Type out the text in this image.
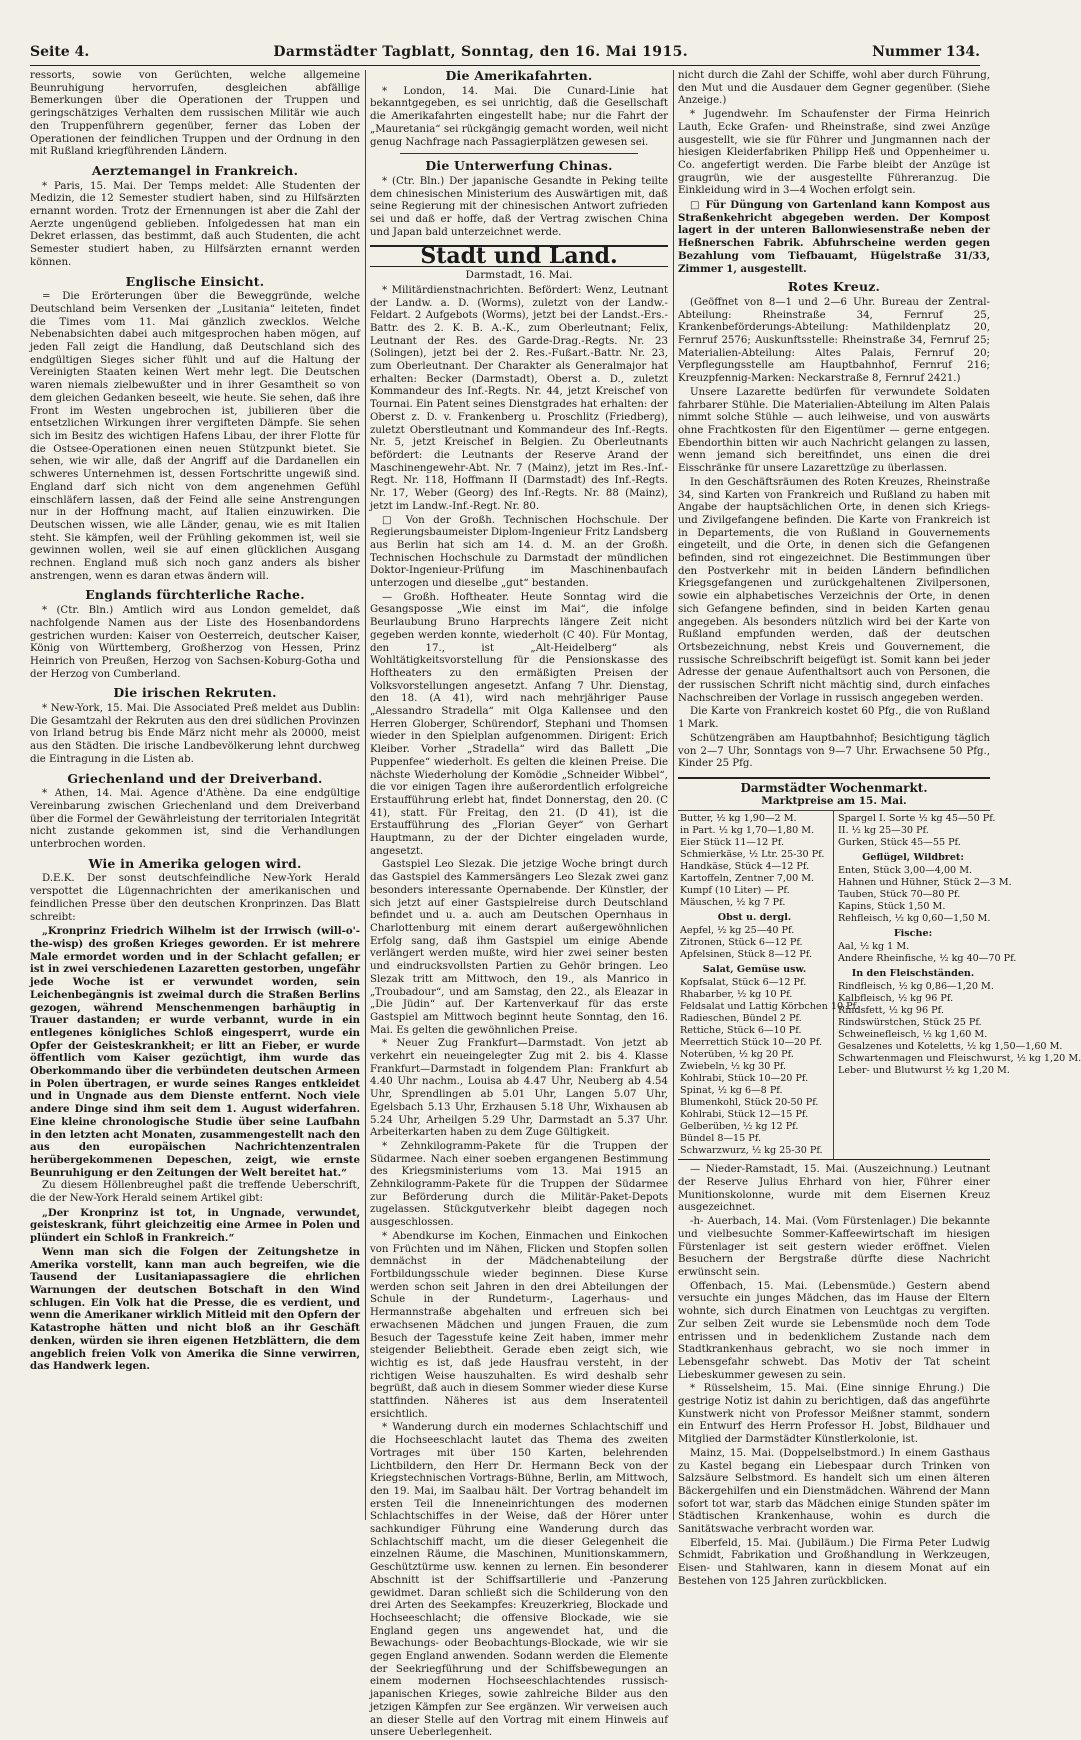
Seite 4.	Darmstädter Tagblatt, Sonntag, den 16. Mai 1915.	Nummer 134.

ressorts, sowie von Gerüchten, welche allgemeine Beunruhigung hervorrufen, desgleichen abfällige Bemerkungen über die Operationen der Truppen und geringschätziges Verhalten dem russischen Militär wie auch den Truppenführern gegenüber, ferner das Loben der Operationen der feindlichen Truppen und der Ordnung in den mit Rußland kriegführenden Ländern.

Aerztemangel in Frankreich.

* Paris, 15. Mai. Der Temps meldet: Alle Studenten der Medizin, die 12 Semester studiert haben, sind zu Hilfsärzten ernannt worden. Trotz der Ernennungen ist aber die Zahl der Aerzte ungenügend geblieben. Infolgedessen hat man ein Dekret erlassen, das bestimmt, daß auch Studenten, die acht Semester studiert haben, zu Hilfsärzten ernannt werden können.

Englische Einsicht.

= Die Erörterungen über die Beweggründe, welche Deutschland beim Versenken der „Lusitania“ leiteten, findet die Times vom 11. Mai gänzlich zwecklos. Welche Nebenabsichten dabei auch mitgesprochen haben mögen, auf jeden Fall zeigt die Handlung, daß Deutschland sich des endgültigen Sieges sicher fühlt und auf die Haltung der Vereinigten Staaten keinen Wert mehr legt. Die Deutschen waren niemals zielbewußter und in ihrer Gesamtheit so von dem gleichen Gedanken beseelt, wie heute. Sie sehen, daß ihre Front im Westen ungebrochen ist, jubilieren über die entsetzlichen Wirkungen ihrer vergifteten Dämpfe. Sie sehen sich im Besitz des wichtigen Hafens Libau, der ihrer Flotte für die Ostsee-Operationen einen neuen Stützpunkt bietet. Sie sehen, wie wir alle, daß der Angriff auf die Dardanellen ein schweres Unternehmen ist, dessen Fortschritte ungewiß sind. England darf sich nicht von dem angenehmen Gefühl einschläfern lassen, daß der Feind alle seine Anstrengungen nur in der Hoffnung macht, auf Italien einzuwirken. Die Deutschen wissen, wie alle Länder, genau, wie es mit Italien steht. Sie kämpfen, weil der Frühling gekommen ist, weil sie gewinnen wollen, weil sie auf einen glücklichen Ausgang rechnen. England muß sich noch ganz anders als bisher anstrengen, wenn es daran etwas ändern will.

Englands fürchterliche Rache.

* (Ctr. Bln.) Amtlich wird aus London gemeldet, daß nachfolgende Namen aus der Liste des Hosenbandordens gestrichen wurden: Kaiser von Oesterreich, deutscher Kaiser, König von Württemberg, Großherzog von Hessen, Prinz Heinrich von Preußen, Herzog von Sachsen-Koburg-Gotha und der Herzog von Cumberland.

Die irischen Rekruten.

* New-York, 15. Mai. Die Associated Preß meldet aus Dublin: Die Gesamtzahl der Rekruten aus den drei südlichen Provinzen von Irland betrug bis Ende März nicht mehr als 20000, meist aus den Städten. Die irische Landbevölkerung lehnt durchweg die Eintragung in die Listen ab.

Griechenland und der Dreiverband.

* Athen, 14. Mai. Agence d'Athène. Da eine endgültige Vereinbarung zwischen Griechenland und dem Dreiverband über die Formel der Gewährleistung der territorialen Integrität nicht zustande gekommen ist, sind die Verhandlungen unterbrochen worden.

Wie in Amerika gelogen wird.

D.E.K. Der sonst deutschfeindliche New-York Herald verspottet die Lügennachrichten der amerikanischen und feindlichen Presse über den deutschen Kronprinzen. Das Blatt schreibt:

„Kronprinz Friedrich Wilhelm ist der Irrwisch (will-o'-the-wisp) des großen Krieges geworden. Er ist mehrere Male ermordet worden und in der Schlacht gefallen; er ist in zwei verschiedenen Lazaretten gestorben, ungefähr jede Woche ist er verwundet worden, sein Leichenbegängnis ist zweimal durch die Straßen Berlins gezogen, während Menschenmengen barhäuptig in Trauer dastanden; er wurde verbannt, wurde in ein entlegenes königliches Schloß eingesperrt, wurde ein Opfer der Geisteskrankheit; er litt an Fieber, er wurde öffentlich vom Kaiser gezüchtigt, ihm wurde das Oberkommando über die verbündeten deutschen Armeen in Polen übertragen, er wurde seines Ranges entkleidet und in Ungnade aus dem Dienste entfernt. Noch viele andere Dinge sind ihm seit dem 1. August widerfahren. Eine kleine chronologische Studie über seine Laufbahn in den letzten acht Monaten, zusammengestellt nach den aus den europäischen Nachrichtenzentralen herübergekommenen Depeschen, zeigt, wie ernste Beunruhigung er den Zeitungen der Welt bereitet hat.“

Zu diesem Höllenbreughel paßt die treffende Ueberschrift, die der New-York Herald seinem Artikel gibt:

„Der Kronprinz ist tot, in Ungnade, verwundet, geisteskrank, führt gleichzeitig eine Armee in Polen und plündert ein Schloß in Frankreich.“

Wenn man sich die Folgen der Zeitungshetze in Amerika vorstellt, kann man auch begreifen, wie die Tausend der Lusitaniapassagiere die ehrlichen Warnungen der deutschen Botschaft in den Wind schlugen. Ein Volk hat die Presse, die es verdient, und wenn die Amerikaner wirklich Mitleid mit den Opfern der Katastrophe hätten und nicht bloß an ihr Geschäft denken, würden sie ihren eigenen Hetzblättern, die dem angeblich freien Volk von Amerika die Sinne verwirren, das Handwerk legen.

Die Amerikafahrten.

* London, 14. Mai. Die Cunard-Linie hat bekanntgegeben, es sei unrichtig, daß die Gesellschaft die Amerikafahrten eingestellt habe; nur die Fahrt der „Mauretania“ sei rückgängig gemacht worden, weil nicht genug Nachfrage nach Passagierplätzen gewesen sei.

Die Unterwerfung Chinas.

* (Ctr. Bln.) Der japanische Gesandte in Peking teilte dem chinesischen Ministerium des Auswärtigen mit, daß seine Regierung mit der chinesischen Antwort zufrieden sei und daß er hoffe, daß der Vertrag zwischen China und Japan bald unterzeichnet werde.

Stadt und Land.
Darmstadt, 16. Mai.

* Militärdienstnachrichten. Befördert: Wenz, Leutnant der Landw. a. D. (Worms), zuletzt von der Landw.-Feldart. 2 Aufgebots (Worms), jetzt bei der Landst.-Ers.-Battr. des 2. K. B. A.-K., zum Oberleutnant; Felix, Leutnant der Res. des Garde-Drag.-Regts. Nr. 23 (Solingen), jetzt bei der 2. Res.-Fußart.-Battr. Nr. 23, zum Oberleutnant. Der Charakter als Generalmajor hat erhalten: Becker (Darmstadt), Oberst a. D., zuletzt Kommandeur des Inf.-Regts. Nr. 44, jetzt Kreischef von Tournai. Ein Patent seines Dienstgrades hat erhalten: der Oberst z. D. v. Frankenberg u. Proschlitz (Friedberg), zuletzt Oberstleutnant und Kommandeur des Inf.-Regts. Nr. 5, jetzt Kreischef in Belgien. Zu Oberleutnants befördert: die Leutnants der Reserve Arand der Maschinengewehr-Abt. Nr. 7 (Mainz), jetzt im Res.-Inf.-Regt. Nr. 118, Hoffmann II (Darmstadt) des Inf.-Regts. Nr. 17, Weber (Georg) des Inf.-Regts. Nr. 88 (Mainz), jetzt im Landw.-Inf.-Regt. Nr. 80.

□ Von der Großh. Technischen Hochschule. Der Regierungsbaumeister Diplom-Ingenieur Fritz Landsberg aus Berlin hat sich am 14. d. M. an der Großh. Technischen Hochschule zu Darmstadt der mündlichen Doktor-Ingenieur-Prüfung im Maschinenbaufach unterzogen und dieselbe „gut“ bestanden.

— Großh. Hoftheater. Heute Sonntag wird die Gesangsposse „Wie einst im Mai“, die infolge Beurlaubung Bruno Harprechts längere Zeit nicht gegeben werden konnte, wiederholt (C 40). Für Montag, den 17., ist „Alt-Heidelberg“ als Wohltätigkeitsvorstellung für die Pensionskasse des Hoftheaters zu den ermäßigten Preisen der Volksvorstellungen angesetzt. Anfang 7 Uhr. Dienstag, den 18. (A 41), wird nach mehrjähriger Pause „Alessandro Stradella“ mit Olga Kallensee und den Herren Globerger, Schürendorf, Stephani und Thomsen wieder in den Spielplan aufgenommen. Dirigent: Erich Kleiber. Vorher „Stradella“ wird das Ballett „Die Puppenfee“ wiederholt. Es gelten die kleinen Preise. Die nächste Wiederholung der Komödie „Schneider Wibbel“, die vor einigen Tagen ihre außerordentlich erfolgreiche Erstaufführung erlebt hat, findet Donnerstag, den 20. (C 41), statt. Für Freitag, den 21. (D 41), ist die Erstaufführung des „Florian Geyer“ von Gerhart Hauptmann, zu der der Dichter eingeladen wurde, angesetzt.

Gastspiel Leo Slezak. Die jetzige Woche bringt durch das Gastspiel des Kammersängers Leo Slezak zwei ganz besonders interessante Opernabende. Der Künstler, der sich jetzt auf einer Gastspielreise durch Deutschland befindet und u. a. auch am Deutschen Opernhaus in Charlottenburg mit einem derart außergewöhnlichen Erfolg sang, daß ihm Gastspiel um einige Abende verlängert werden mußte, wird hier zwei seiner besten und eindrucksvollsten Partien zu Gehör bringen. Leo Slezak tritt am Mittwoch, den 19., als Manrico in „Troubadour“, und am Samstag, den 22., als Eleazar in „Die Jüdin“ auf. Der Kartenverkauf für das erste Gastspiel am Mittwoch beginnt heute Sonntag, den 16. Mai. Es gelten die gewöhnlichen Preise.

* Neuer Zug Frankfurt—Darmstadt. Von jetzt ab verkehrt ein neueingelegter Zug mit 2. bis 4. Klasse Frankfurt—Darmstadt in folgendem Plan: Frankfurt ab 4.40 Uhr nachm., Louisa ab 4.47 Uhr, Neuberg ab 4.54 Uhr, Sprendlingen ab 5.01 Uhr, Langen 5.07 Uhr, Egelsbach 5.13 Uhr, Erzhausen 5.18 Uhr, Wixhausen ab 5.24 Uhr, Arheilgen 5.29 Uhr, Darmstadt an 5.37 Uhr. Arbeiterkarten haben zu dem Zuge Gültigkeit.

* Zehnkilogramm-Pakete für die Truppen der Südarmee. Nach einer soeben ergangenen Bestimmung des Kriegsministeriums vom 13. Mai 1915 an Zehnkilogramm-Pakete für die Truppen der Südarmee zur Beförderung durch die Militär-Paket-Depots zugelassen. Stückgutverkehr bleibt dagegen noch ausgeschlossen.

* Abendkurse im Kochen, Einmachen und Einkochen von Früchten und im Nähen, Flicken und Stopfen sollen demnächst in der Mädchenabteilung der Fortbildungsschule wieder beginnen. Diese Kurse werden schon seit Jahren in den drei Abteilungen der Schule in der Rundeturm-, Lagerhaus- und Hermannstraße abgehalten und erfreuen sich bei erwachsenen Mädchen und jungen Frauen, die zum Besuch der Tagesstufe keine Zeit haben, immer mehr steigender Beliebtheit. Gerade eben zeigt sich, wie wichtig es ist, daß jede Hausfrau versteht, in der richtigen Weise hauszuhalten. Es wird deshalb sehr begrüßt, daß auch in diesem Sommer wieder diese Kurse stattfinden. Näheres ist aus dem Inseratenteil ersichtlich.

* Wanderung durch ein modernes Schlachtschiff und die Hochseeschlacht lautet das Thema des zweiten Vortrages mit über 150 Karten, belehrenden Lichtbildern, den Herr Dr. Hermann Beck von der Kriegstechnischen Vortrags-Bühne, Berlin, am Mittwoch, den 19. Mai, im Saalbau hält. Der Vortrag behandelt im ersten Teil die Inneneinrichtungen des modernen Schlachtschiffes in der Weise, daß der Hörer unter sachkundiger Führung eine Wanderung durch das Schlachtschiff macht, um die dieser Gelegenheit die einzelnen Räume, die Maschinen, Munitionskammern, Geschütztürme usw. kennen zu lernen. Ein besonderer Abschnitt ist der Schiffsartillerie und -Panzerung gewidmet. Daran schließt sich die Schilderung von den drei Arten des Seekampfes: Kreuzerkrieg, Blockade und Hochseeschlacht; die offensive Blockade, wie sie England gegen uns angewendet hat, und die Bewachungs- oder Beobachtungs-Blockade, wie wir sie gegen England anwenden. Sodann werden die Elemente der Seekriegführung und der Schiffsbewegungen an einem modernen Hochseeschlachtendes russisch-japanischen Krieges, sowie zahlreiche Bilder aus den jetzigen Kämpfen zur See ergänzen. Wir verweisen auch an dieser Stelle auf den Vortrag mit einem Hinweis auf unsere Ueberlegenheit.

nicht durch die Zahl der Schiffe, wohl aber durch Führung, den Mut und die Ausdauer dem Gegner gegenüber. (Siehe Anzeige.)

* Jugendwehr. Im Schaufenster der Firma Heinrich Lauth, Ecke Grafen- und Rheinstraße, sind zwei Anzüge ausgestellt, wie sie für Führer und Jungmannen nach der hiesigen Kleiderfabriken Philipp Heß und Oppenheimer u. Co. angefertigt werden. Die Farbe bleibt der Anzüge ist graugrün, wie der ausgestellte Führeranzug. Die Einkleidung wird in 3—4 Wochen erfolgt sein.

□ Für Düngung von Gartenland kann Kompost aus Straßenkehricht abgegeben werden. Der Kompost lagert in der unteren Ballonwiesenstraße neben der Heßnerschen Fabrik. Abfuhrscheine werden gegen Bezahlung vom Tiefbauamt, Hügelstraße 31/33, Zimmer 1, ausgestellt.

Rotes Kreuz.

(Geöffnet von 8—1 und 2—6 Uhr. Bureau der Zentral-Abteilung: Rheinstraße 34, Fernruf 25, Krankenbeförderungs-Abteilung: Mathildenplatz 20, Fernruf 2576; Auskunftsstelle: Rheinstraße 34, Fernruf 25; Materialien-Abteilung: Altes Palais, Fernruf 20; Verpflegungsstelle am Hauptbahnhof, Fernruf 216; Kreuzpfennig-Marken: Neckarstraße 8, Fernruf 2421.)

Unsere Lazarette bedürfen für verwundete Soldaten fahrbarer Stühle. Die Materialien-Abteilung im Alten Palais nimmt solche Stühle — auch leihweise, und von auswärts ohne Frachtkosten für den Eigentümer — gerne entgegen. Ebendorthin bitten wir auch Nachricht gelangen zu lassen, wenn jemand sich bereitfindet, uns einen die drei Eisschränke für unsere Lazarettzüge zu überlassen.

In den Geschäftsräumen des Roten Kreuzes, Rheinstraße 34, sind Karten von Frankreich und Rußland zu haben mit Angabe der hauptsächlichen Orte, in denen sich Kriegs- und Zivilgefangene befinden. Die Karte von Frankreich ist in Departements, die von Rußland in Gouvernements eingeteilt, und die Orte, in denen sich die Gefangenen befinden, sind rot eingezeichnet. Die Bestimmungen über den Postverkehr mit in beiden Ländern befindlichen Kriegsgefangenen und zurückgehaltenen Zivilpersonen, sowie ein alphabetisches Verzeichnis der Orte, in denen sich Gefangene befinden, sind in beiden Karten genau angegeben. Als besonders nützlich wird bei der Karte von Rußland empfunden werden, daß der deutschen Ortsbezeichnung, nebst Kreis und Gouvernement, die russische Schreibschrift beigefügt ist. Somit kann bei jeder Adresse der genaue Aufenthaltsort auch von Personen, die der russischen Schrift nicht mächtig sind, durch einfaches Nachschreiben der Vorlage in russisch angegeben werden.

Die Karte von Frankreich kostet 60 Pfg., die von Rußland 1 Mark.

Schützengräben am Hauptbahnhof; Besichtigung täglich von 2—7 Uhr, Sonntags von 9—7 Uhr. Erwachsene 50 Pfg., Kinder 25 Pfg.

Darmstädter Wochenmarkt.
Marktpreise am 15. Mai.
Butter, ½ kg 1,90—2 M.
in Part. ½ kg 1,70—1,80 M.
Eier Stück 11—12 Pf.
Schmierkäse, ½ Ltr. 25-30 Pf.
Handkäse, Stück 4—12 Pf.
Kartoffeln, Zentner 7,00 M.
Kumpf (10 Liter) — Pf.
Mäuschen, ½ kg 7 Pf.
Obst u. dergl.
Aepfel, ½ kg 25—40 Pf.
Zitronen, Stück 6—12 Pf.
Apfelsinen, Stück 8—12 Pf.
Salat, Gemüse usw.
Kopfsalat, Stück 6—12 Pf.
Rhabarber, ½ kg 10 Pf.
Feldsalat und Lattig Körbchen 10 Pf.
Radieschen, Bündel 2 Pf.
Rettiche, Stück 6—10 Pf.
Meerrettich Stück 10—20 Pf.
Noterüben, ½ kg 20 Pf.
Zwiebeln, ½ kg 30 Pf.
Kohlrabi, Stück 10—20 Pf.
Spinat, ½ kg 6—8 Pf.
Blumenkohl, Stück 20-50 Pf.
Kohlrabi, Stück 12—15 Pf.
Gelberüben, ½ kg 12 Pf.
Bündel 8—15 Pf.
Schwarzwurz, ½ kg 25-30 Pf.
Spargel I. Sorte ½ kg 45—50 Pf.
II. ½ kg 25—30 Pf.
Gurken, Stück 45—55 Pf.
Geflügel, Wildbret:
Enten, Stück 3,00—4,00 M.
Hahnen und Hühner, Stück 2—3 M.
Tauben, Stück 70—80 Pf.
Kapins, Stück 1,50 M.
Rehfleisch, ½ kg 0,60—1,50 M.
Fische:
Aal, ½ kg 1 M.
Andere Rheinfische, ½ kg 40—70 Pf.
In den Fleischständen.
Rindfleisch, ½ kg 0,86—1,20 M.
Kalbfleisch, ½ kg 96 Pf.
Rindsfett, ½ kg 96 Pf.
Rindswürstchen, Stück 25 Pf.
Schweinefleisch, ½ kg 1,60 M.
Gesalzenes und Koteletts, ½ kg 1,50—1,60 M.
Schwartenmagen und Fleischwurst, ½ kg 1,20 M.
Leber- und Blutwurst ½ kg 1,20 M.

— Nieder-Ramstadt, 15. Mai. (Auszeichnung.) Leutnant der Reserve Julius Ehrhard von hier, Führer einer Munitionskolonne, wurde mit dem Eisernen Kreuz ausgezeichnet.

-h- Auerbach, 14. Mai. (Vom Fürstenlager.) Die bekannte und vielbesuchte Sommer-Kaffeewirtschaft im hiesigen Fürstenlager ist seit gestern wieder eröffnet. Vielen Besuchern der Bergstraße dürfte diese Nachricht erwünscht sein.

Offenbach, 15. Mai. (Lebensmüde.) Gestern abend versuchte ein junges Mädchen, das im Hause der Eltern wohnte, sich durch Einatmen von Leuchtgas zu vergiften. Zur selben Zeit wurde sie Lebensmüde noch dem Tode entrissen und in bedenklichem Zustande nach dem Stadtkrankenhaus gebracht, wo sie noch immer in Lebensgefahr schwebt. Das Motiv der Tat scheint Liebeskummer gewesen zu sein.

* Rüsselsheim, 15. Mai. (Eine sinnige Ehrung.) Die gestrige Notiz ist dahin zu berichtigen, daß das angeführte Kunstwerk nicht von Professor Meißner stammt, sondern ein Entwurf des Herrn Professor H. Jobst, Bildhauer und Mitglied der Darmstädter Künstlerkolonie, ist.

Mainz, 15. Mai. (Doppelselbstmord.) In einem Gasthaus zu Kastel begang ein Liebespaar durch Trinken von Salzsäure Selbstmord. Es handelt sich um einen älteren Bäckergehilfen und ein Dienstmädchen. Während der Mann sofort tot war, starb das Mädchen einige Stunden später im Städtischen Krankenhause, wohin es durch die Sanitätswache verbracht worden war.

Elberfeld, 15. Mai. (Jubiläum.) Die Firma Peter Ludwig Schmidt, Fabrikation und Großhandlung in Werkzeugen, Eisen- und Stahlwaren, kann in diesem Monat auf ein Bestehen von 125 Jahren zurückblicken.
